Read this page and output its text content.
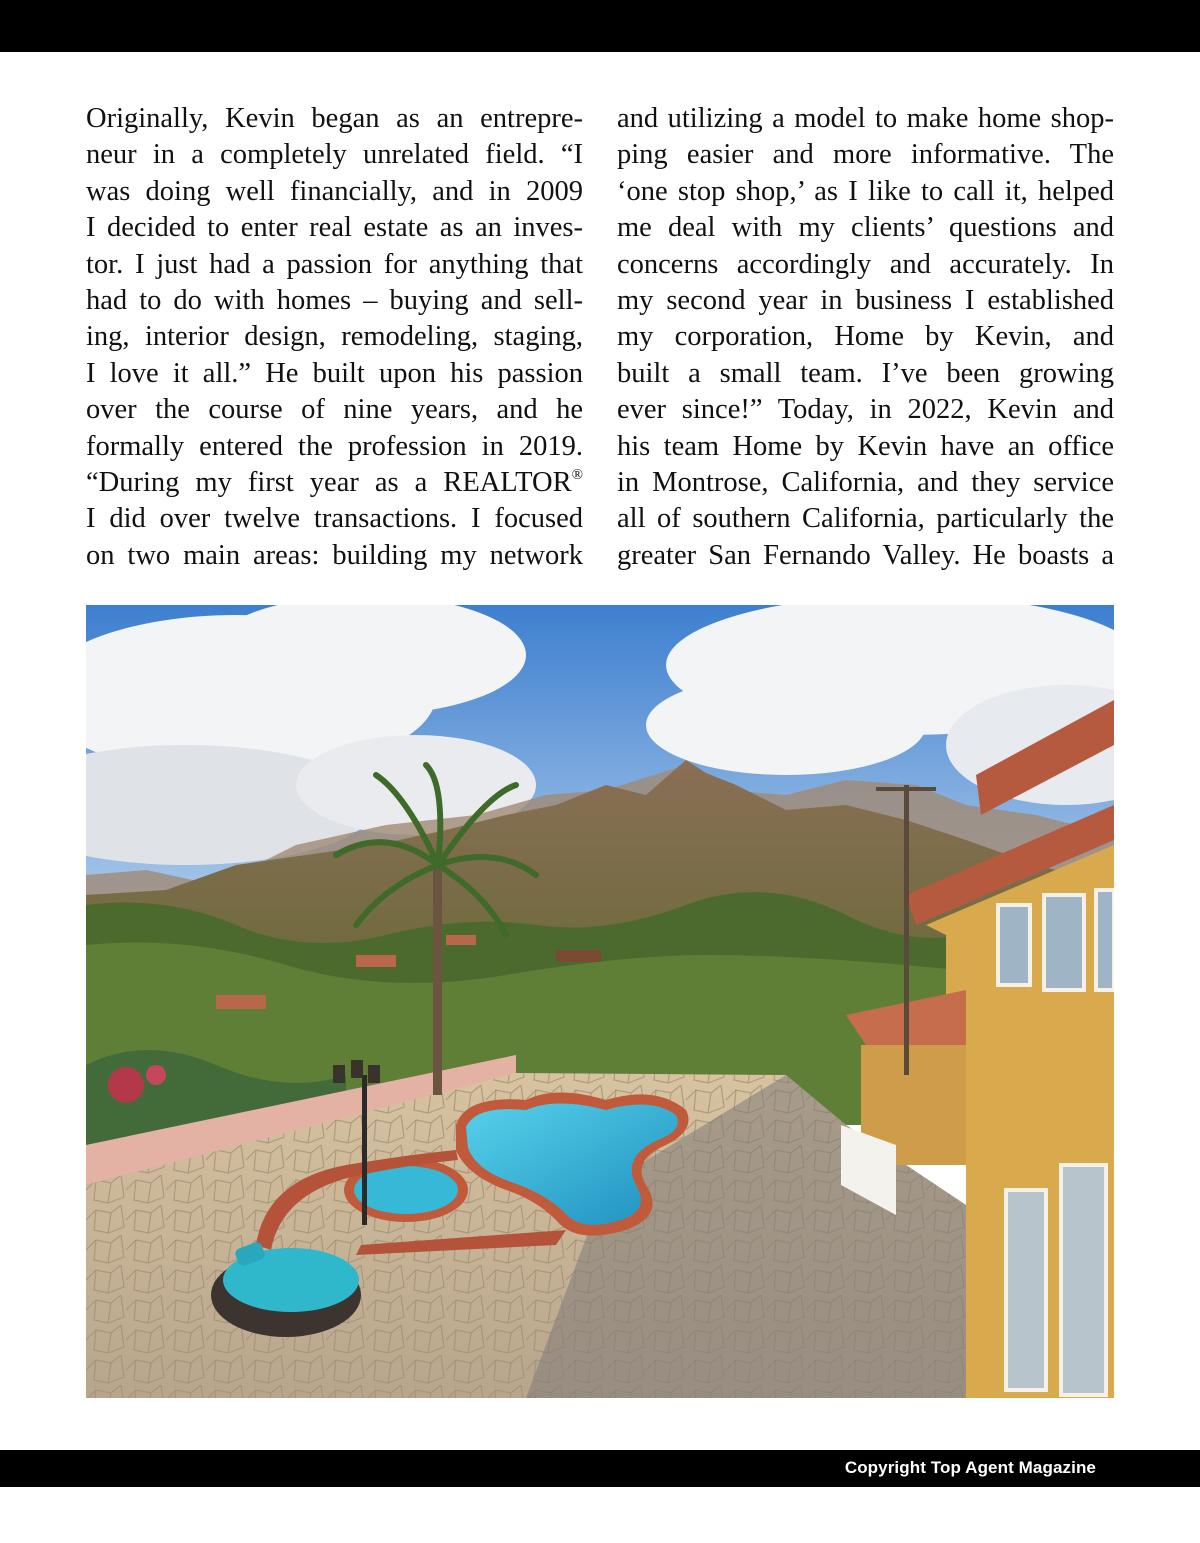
Originally, Kevin began as an entrepre-
neur in a completely unrelated field. “I
was doing well financially, and in 2009
I decided to enter real estate as an inves-
tor. I just had a passion for anything that
had to do with homes – buying and sell-
ing, interior design, remodeling, staging,
I love it all.” He built upon his passion
over the course of nine years, and he
formally entered the profession in 2019.
“During my first year as a REALTOR®
I did over twelve transactions. I focused
on two main areas: building my network
and utilizing a model to make home shop-
ping easier and more informative. The
‘one stop shop,’ as I like to call it, helped
me deal with my clients’ questions and
concerns accordingly and accurately. In
my second year in business I established
my corporation, Home by Kevin, and
built a small team. I’ve been growing
ever since!” Today, in 2022, Kevin and
his team Home by Kevin have an office
in Montrose, California, and they service
all of southern California, particularly the
greater San Fernando Valley. He boasts a
Copyright Top Agent Magazine
